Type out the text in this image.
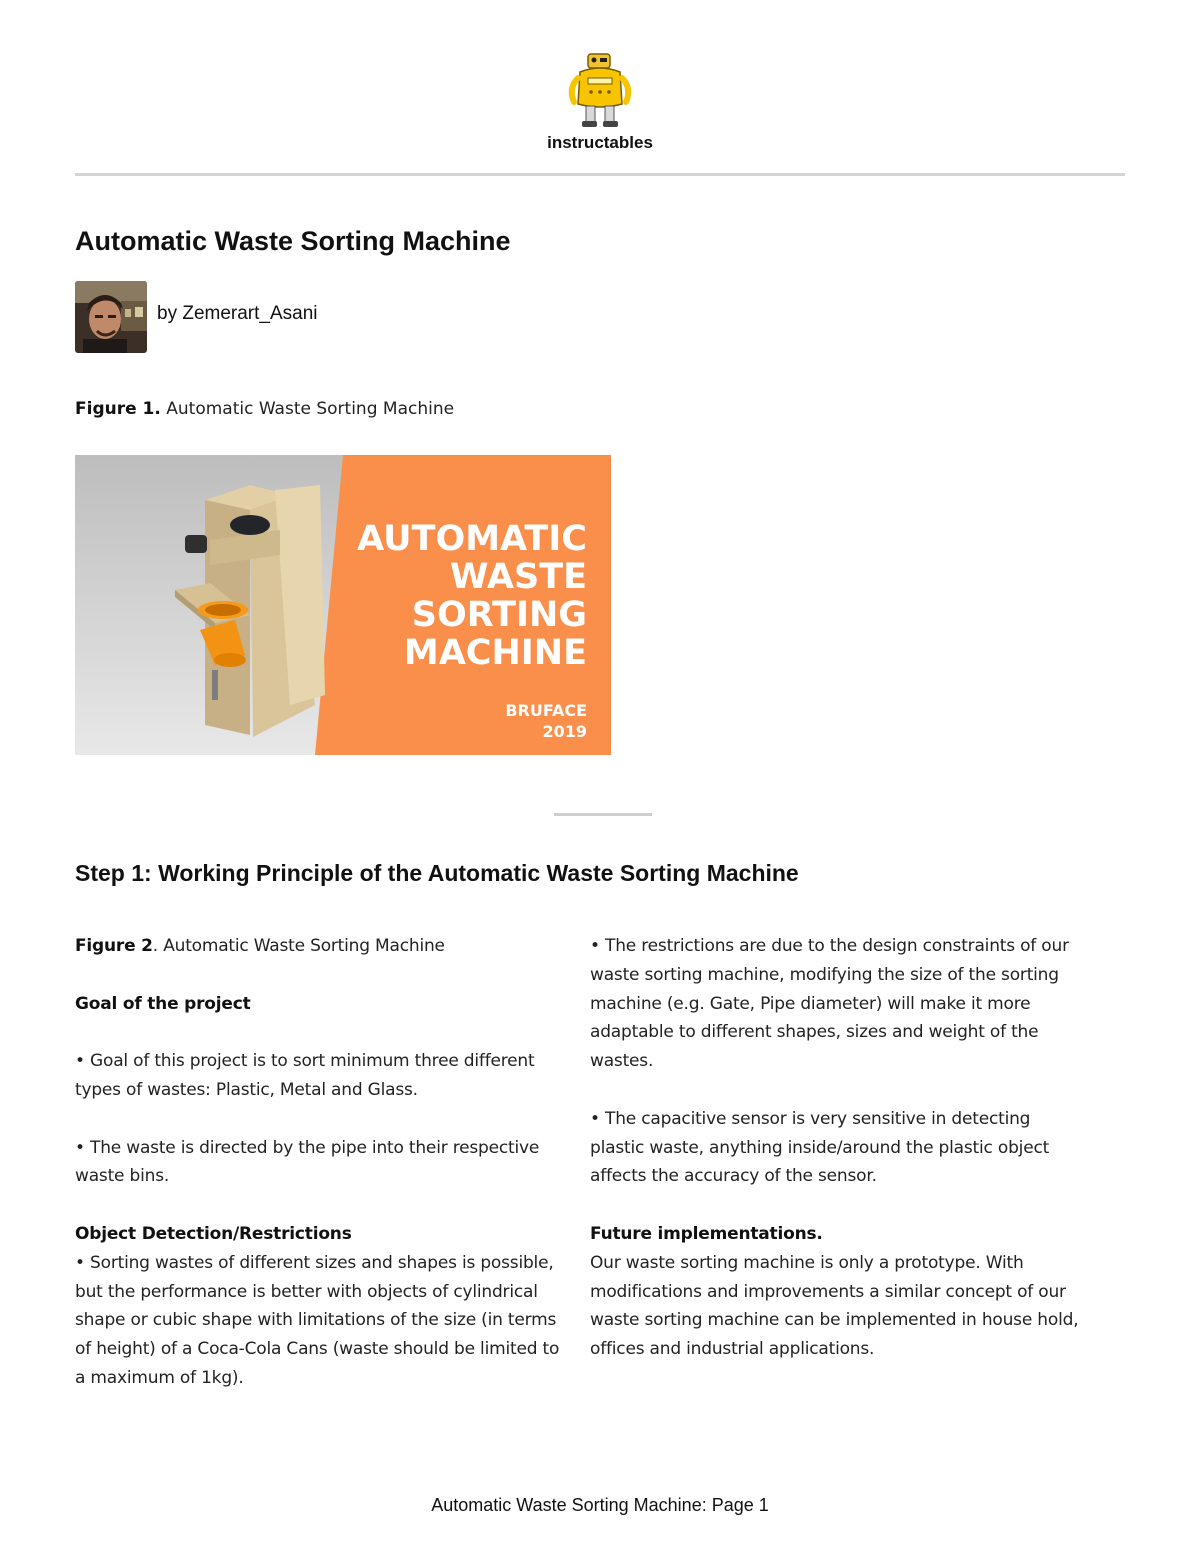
instructables
Automatic Waste Sorting Machine
by Zemerart_Asani
Figure 1. Automatic Waste Sorting Machine
AUTOMATIC
WASTE
SORTING
MACHINE
BRUFACE
2019
Step 1: Working Principle of the Automatic Waste Sorting Machine

Figure 2. Automatic Waste Sorting Machine

Goal of the project

• Goal of this project is to sort minimum three different types of wastes: Plastic, Metal and Glass.

• The waste is directed by the pipe into their respective waste bins.

Object Detection/Restrictions

• Sorting wastes of different sizes and shapes is possible, but the performance is better with objects of cylindrical shape or cubic shape with limitations of the size (in terms of height) of a Coca-Cola Cans (waste should be limited to a maximum of 1kg).

• The restrictions are due to the design constraints of our waste sorting machine, modifying the size of the sorting machine (e.g. Gate, Pipe diameter) will make it more adaptable to different shapes, sizes and weight of the wastes.

• The capacitive sensor is very sensitive in detecting plastic waste, anything inside/around the plastic object affects the accuracy of the sensor.

Future implementations.

Our waste sorting machine is only a prototype. With modifications and improvements a similar concept of our waste sorting machine can be implemented in house hold, offices and industrial applications.

Automatic Waste Sorting Machine: Page 1
